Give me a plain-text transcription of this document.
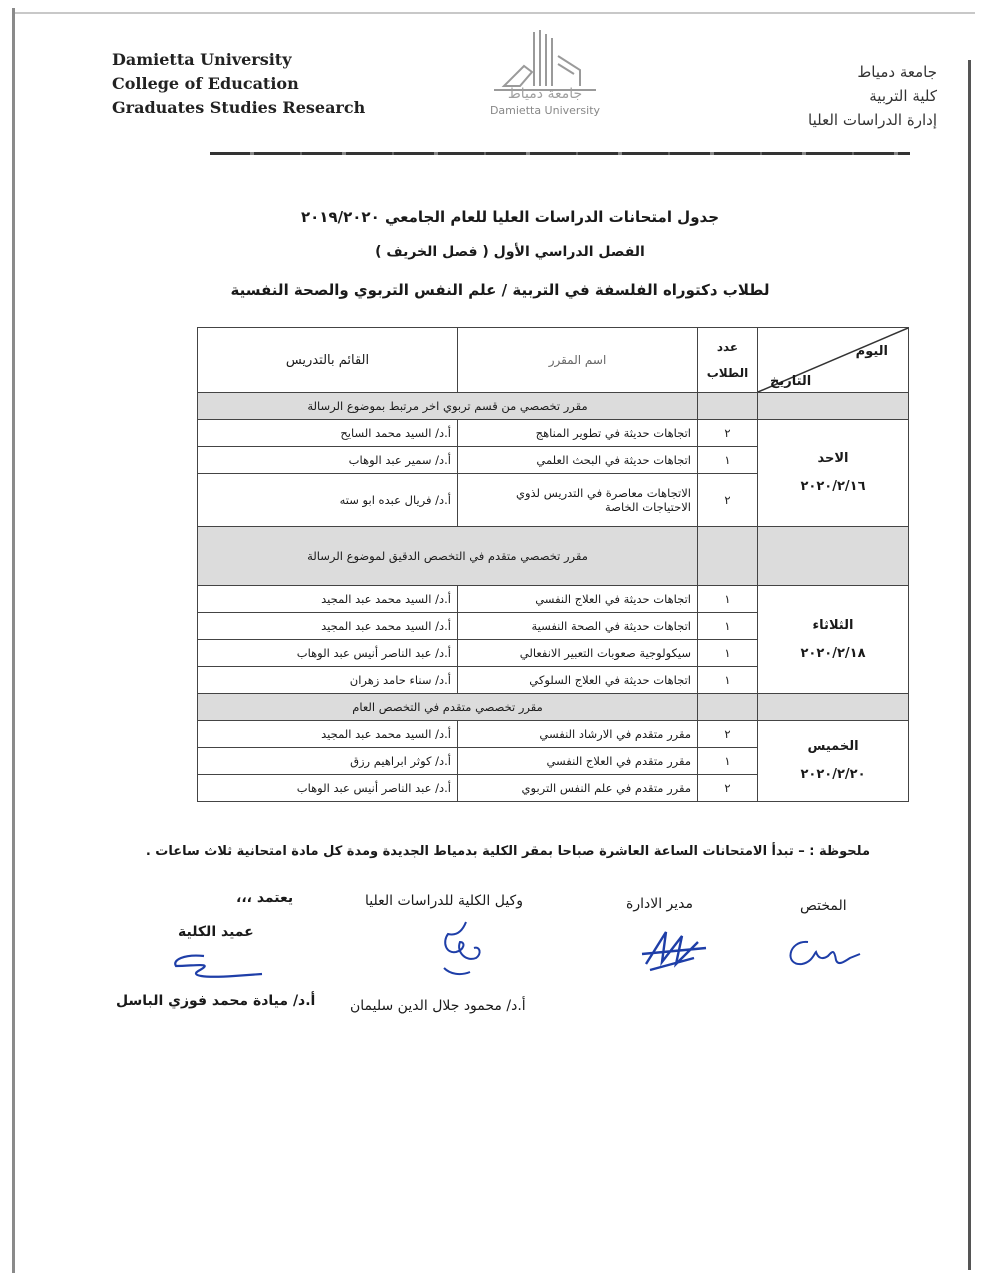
Damietta University
College of Education
Graduates Studies Research
جامعة دمياط
Damietta University
جامعة دمياط
كلية التربية
إدارة الدراسات العليا
جدول امتحانات الدراسات العليا للعام الجامعي ٢٠١٩/٢٠٢٠
الفصل الدراسي الأول ( فصل الخريف )
لطلاب دكتوراه الفلسفة في التربية / علم النفس التربوي والصحة النفسية
اليوم
التاريخ	عدد الطلاب	اسم المقرر	القائم بالتدريس
		مقرر تخصصي من قسم تربوي اخر مرتبط بموضوع الرسالة	

الاحد
٢٠٢٠/٢/١٦	٢	اتجاهات حديثة في تطوير المناهج	أ.د/ السيد محمد السايح
	١	اتجاهات حديثة في البحث العلمي	أ.د/ سمير عبد الوهاب
	٢	الاتجاهات معاصرة في التدريس لذوي الاحتياجات الخاصة	أ.د/ فريال عبده ابو سته
		مقرر تخصصي متقدم في التخصص الدقيق لموضوع الرسالة	

الثلاثاء
٢٠٢٠/٢/١٨	١	اتجاهات حديثة في العلاج النفسي	أ.د/ السيد محمد عبد المجيد
	١	اتجاهات حديثة في الصحة النفسية	أ.د/ السيد محمد عبد المجيد
	١	سيكولوجية صعوبات التعبير الانفعالي	أ.د/ عبد الناصر أنيس عبد الوهاب
	١	اتجاهات حديثة في العلاج السلوكي	أ.د/ سناء حامد زهران
		مقرر تخصصي متقدم في التخصص العام	

الخميس
٢٠٢٠/٢/٢٠	٢	مقرر متقدم في الارشاد النفسي	أ.د/ السيد محمد عبد المجيد
	١	مقرر متقدم في العلاج النفسي	أ.د/ كوثر ابراهيم رزق
	٢	مقرر متقدم في علم النفس التربوي	أ.د/ عبد الناصر أنيس عبد الوهاب
ملحوظة : – تبدأ الامتحانات الساعة العاشرة صباحا بمقر الكلية بدمياط الجديدة ومدة كل مادة امتحانية ثلاث ساعات .
المختص
مدير الادارة
وكيل الكلية للدراسات العليا
يعتمد ،،،
عميد الكلية
أ.د/ محمود جلال الدين سليمان
أ.د/ ميادة محمد فوزي الباسل
